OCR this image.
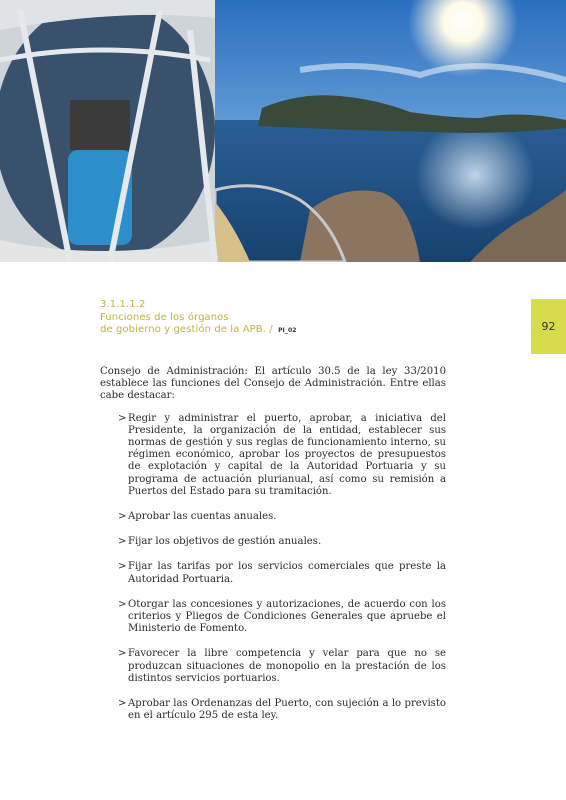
92
3.1.1.1.2
Funciones de los órganos
de gobierno y gestión de la APB. / PI_02

Consejo de Administración: El artículo 30.5 de la ley 33/2010 establece las funciones del Consejo de Administración. Entre ellas cabe destacar:

> Regir y administrar el puerto, aprobar, a iniciativa del Presidente, la organización de la entidad, establecer sus normas de gestión y sus reglas de funcionamiento interno, su régimen económico, aprobar los proyectos de presupuestos de explotación y capital de la Autoridad Portuaria y su programa de actuación plurianual, así como su remisión a Puertos del Estado para su tramitación.
> Aprobar las cuentas anuales.
> Fijar los objetivos de gestión anuales.
> Fijar las tarifas por los servicios comerciales que preste la Autoridad Portuaria.
> Otorgar las concesiones y autorizaciones, de acuerdo con los criterios y Pliegos de Condiciones Generales que apruebe el Ministerio de Fomento.
> Favorecer la libre competencia y velar para que no se produzcan situaciones de monopolio en la prestación de los distintos servicios portuarios.
> Aprobar las Ordenanzas del Puerto, con sujeción a lo previsto en el artículo 295 de esta ley.
